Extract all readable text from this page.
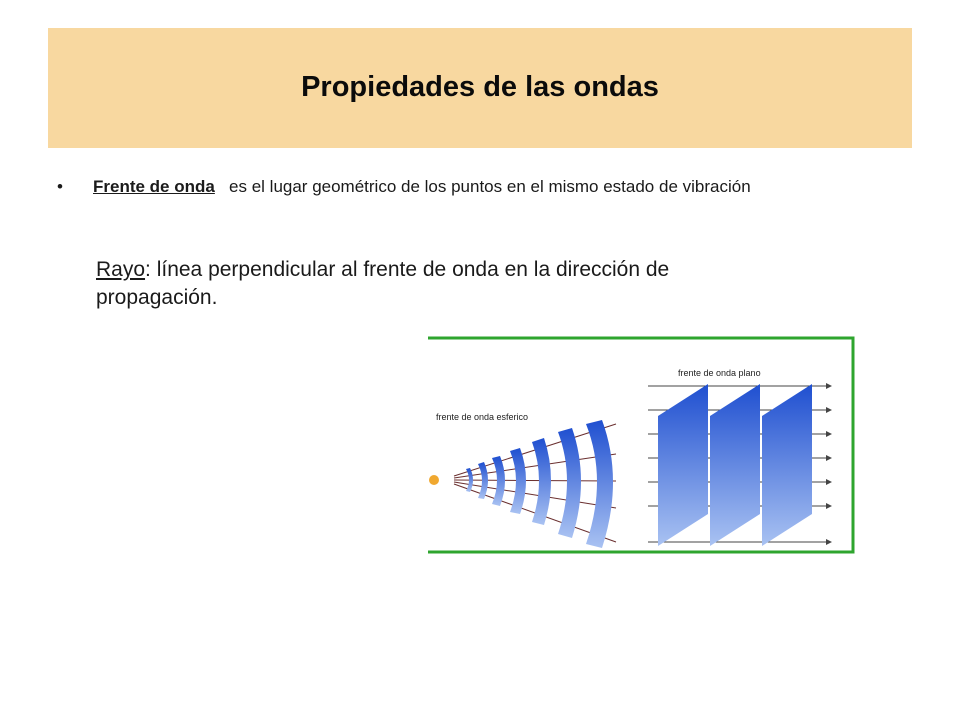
Propiedades de las ondas
• Frente de onda es el lugar geométrico de los puntos en el mismo estado de vibración
Rayo: línea perpendicular al frente de onda en la dirección de propagación.
frente de onda esferico
frente de onda plano
